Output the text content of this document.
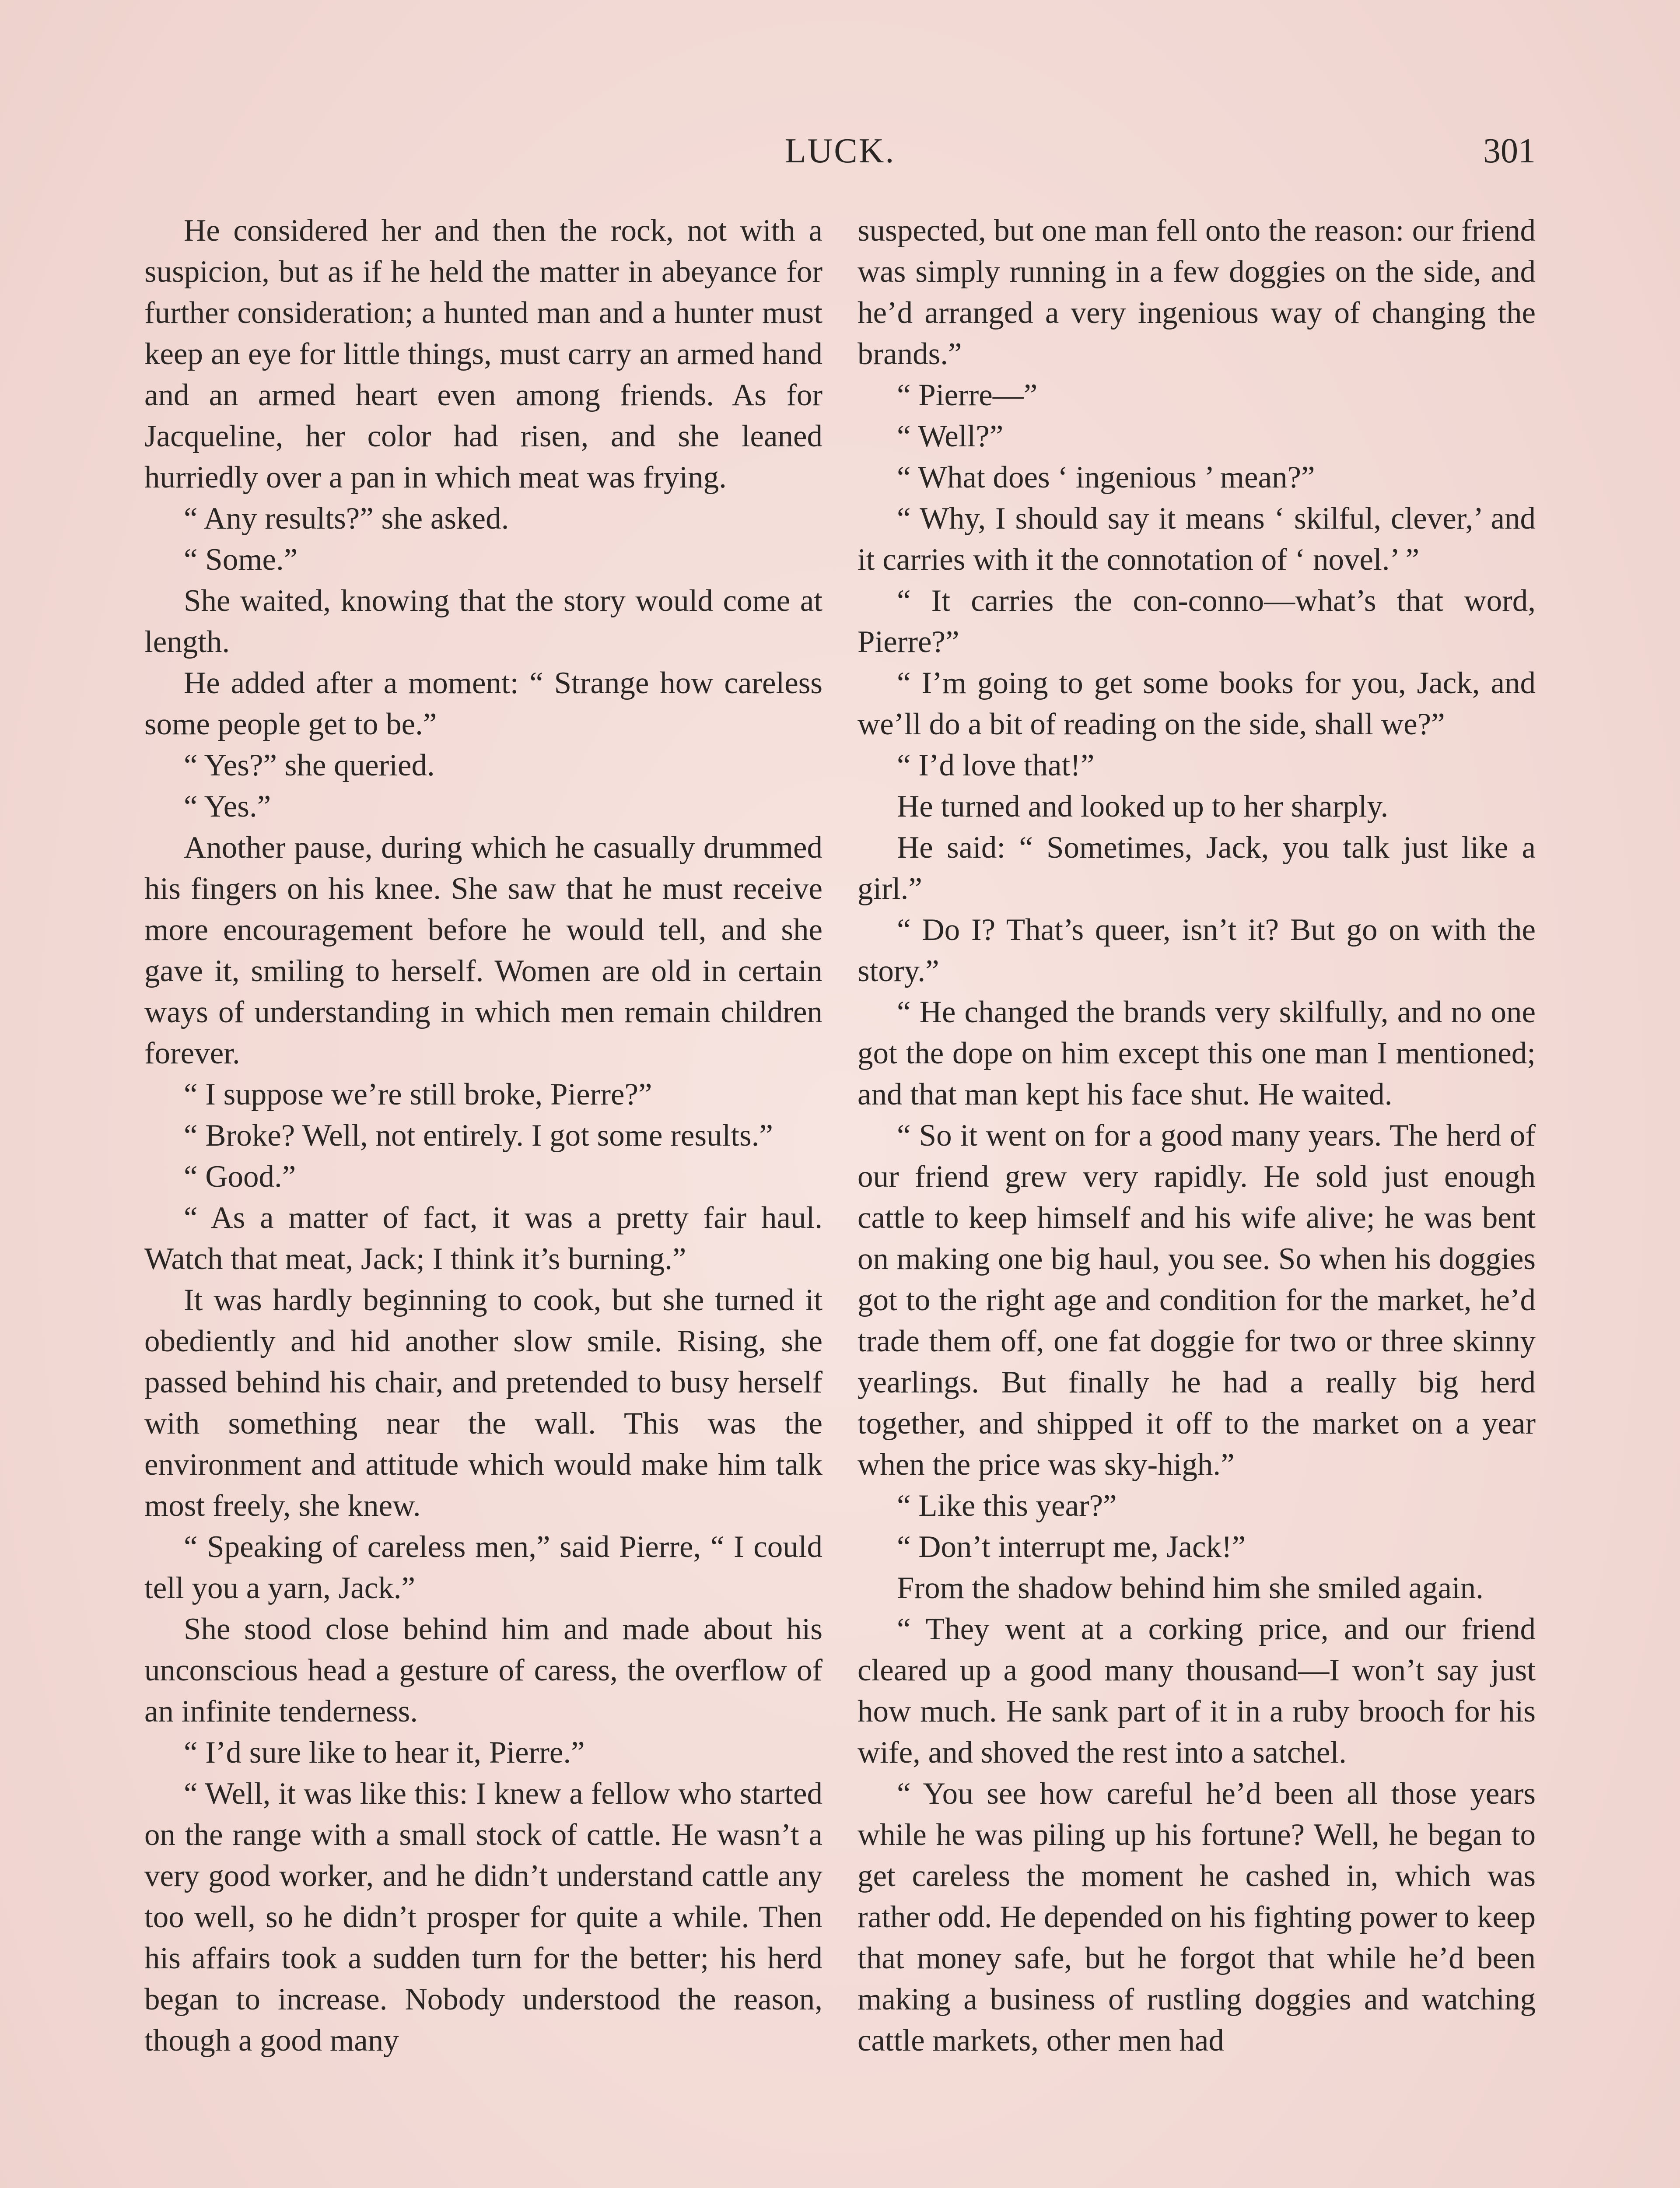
LUCK.	301

He considered her and then the rock, not with a suspicion, but as if he held the matter in abeyance for further consideration; a hunted man and a hunter must keep an eye for little things, must carry an armed hand and an armed heart even among friends. As for Jacqueline, her color had risen, and she leaned hurriedly over a pan in which meat was frying.

“ Any results?” she asked.

“ Some.”

She waited, knowing that the story would come at length.

He added after a moment: “ Strange how careless some people get to be.”

“ Yes?” she queried.

“ Yes.”

Another pause, during which he casually drummed his fingers on his knee. She saw that he must receive more encouragement before he would tell, and she gave it, smiling to herself. Women are old in certain ways of understanding in which men remain children forever.

“ I suppose we’re still broke, Pierre?”

“ Broke? Well, not entirely. I got some results.”

“ Good.”

“ As a matter of fact, it was a pretty fair haul. Watch that meat, Jack; I think it’s burning.”

It was hardly beginning to cook, but she turned it obediently and hid another slow smile. Rising, she passed behind his chair, and pretended to busy herself with something near the wall. This was the environment and attitude which would make him talk most freely, she knew.

“ Speaking of careless men,” said Pierre, “ I could tell you a yarn, Jack.”

She stood close behind him and made about his unconscious head a gesture of caress, the overflow of an infinite tenderness.

“ I’d sure like to hear it, Pierre.”

“ Well, it was like this: I knew a fellow who started on the range with a small stock of cattle. He wasn’t a very good worker, and he didn’t understand cattle any too well, so he didn’t prosper for quite a while. Then his affairs took a sudden turn for the better; his herd began to increase. Nobody understood the reason, though a good many

suspected, but one man fell onto the reason: our friend was simply running in a few doggies on the side, and he’d arranged a very ingenious way of changing the brands.”

“ Pierre—”

“ Well?”

“ What does ‘ ingenious ’ mean?”

“ Why, I should say it means ‘ skilful, clever,’ and it carries with it the connotation of ‘ novel.’ ”

“ It carries the con-conno—what’s that word, Pierre?”

“ I’m going to get some books for you, Jack, and we’ll do a bit of reading on the side, shall we?”

“ I’d love that!”

He turned and looked up to her sharply.

He said: “ Sometimes, Jack, you talk just like a girl.”

“ Do I? That’s queer, isn’t it? But go on with the story.”

“ He changed the brands very skilfully, and no one got the dope on him except this one man I mentioned; and that man kept his face shut. He waited.

“ So it went on for a good many years. The herd of our friend grew very rapidly. He sold just enough cattle to keep himself and his wife alive; he was bent on making one big haul, you see. So when his doggies got to the right age and condition for the market, he’d trade them off, one fat doggie for two or three skinny yearlings. But finally he had a really big herd together, and shipped it off to the market on a year when the price was sky-high.”

“ Like this year?”

“ Don’t interrupt me, Jack!”

From the shadow behind him she smiled again.

“ They went at a corking price, and our friend cleared up a good many thousand—I won’t say just how much. He sank part of it in a ruby brooch for his wife, and shoved the rest into a satchel.

“ You see how careful he’d been all those years while he was piling up his fortune? Well, he began to get careless the moment he cashed in, which was rather odd. He depended on his fighting power to keep that money safe, but he forgot that while he’d been making a business of rustling doggies and watching cattle markets, other men had
